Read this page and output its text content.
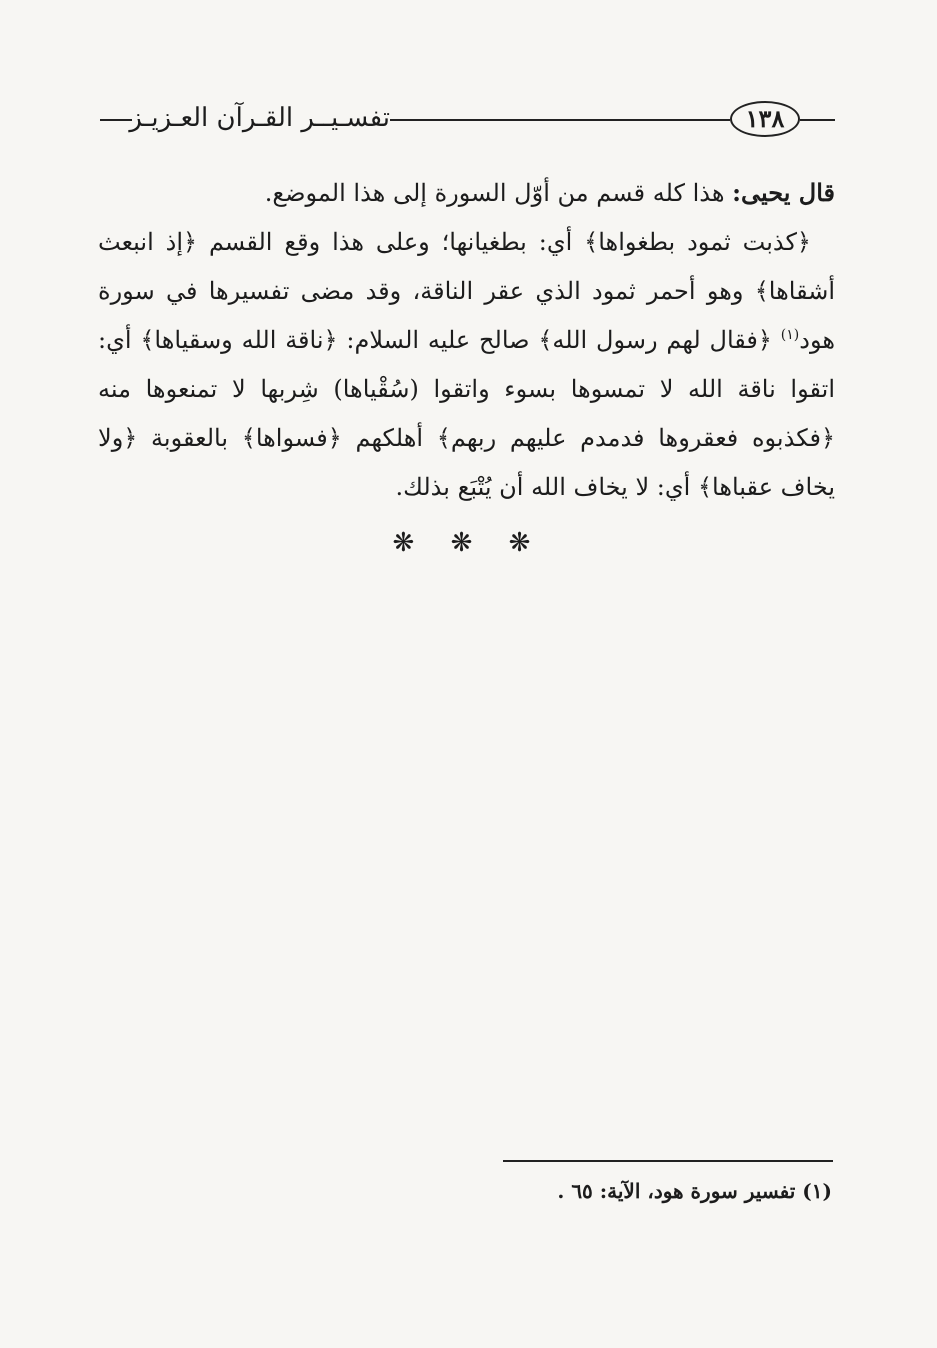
تفسـيــر القـرآن العـزيـز	١٣٨

قال يحيى: هذا كله قسم من أوّل السورة إلى هذا الموضع.

 ﴿كذبت ثمود بطغواها﴾ أي: بطغيانها؛ وعلى هذا وقع القسم ﴿إذ انبعث أشقاها﴾ وهو أحمر ثمود الذي عقر الناقة، وقد مضى تفسيرها في سورة هود$^{(١)}$ ﴿فقال لهم رسول الله﴾ صالح عليه السلام: ﴿ناقة الله وسقياها﴾ أي: اتقوا ناقة الله لا تمسوها بسوء واتقوا (سُقْياها) شِربها لا تمنعوها منه ﴿فكذبوه فعقروها فدمدم عليهم ربهم﴾ أهلكهم ﴿فسواها﴾ بالعقوبة ﴿ولا يخاف عقباها﴾ أي: لا يخاف الله أن يُتْبَع بذلك.

❋ ❋ ❋
(١) تفسير سورة هود، الآية: ٦٥ .
